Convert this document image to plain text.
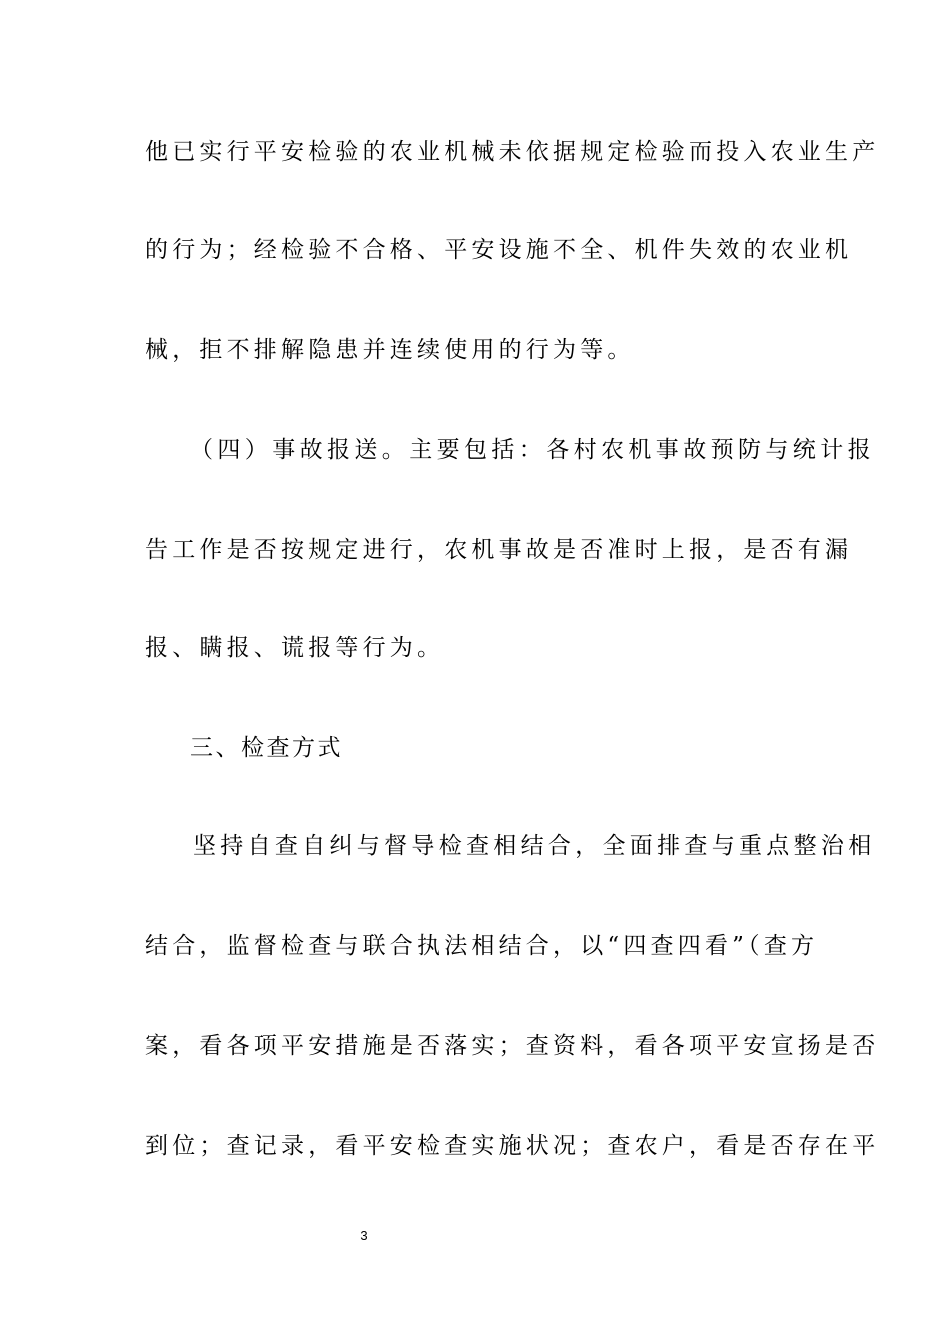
他已实行平安检验的农业机械未依据规定检验而投入农业生产
的行为；经检验不合格、平安设施不全、机件失效的农业机
械，拒不排解隐患并连续使用的行为等。
（四）事故报送。主要包括：各村农机事故预防与统计报
告工作是否按规定进行，农机事故是否准时上报，是否有漏
报、瞒报、谎报等行为。
三、检查方式
坚持自查自纠与督导检查相结合，全面排查与重点整治相
结合，监督检查与联合执法相结合，以“四查四看”（查方
案，看各项平安措施是否落实；查资料，看各项平安宣扬是否
到位；查记录，看平安检查实施状况；查农户，看是否存在平
3
